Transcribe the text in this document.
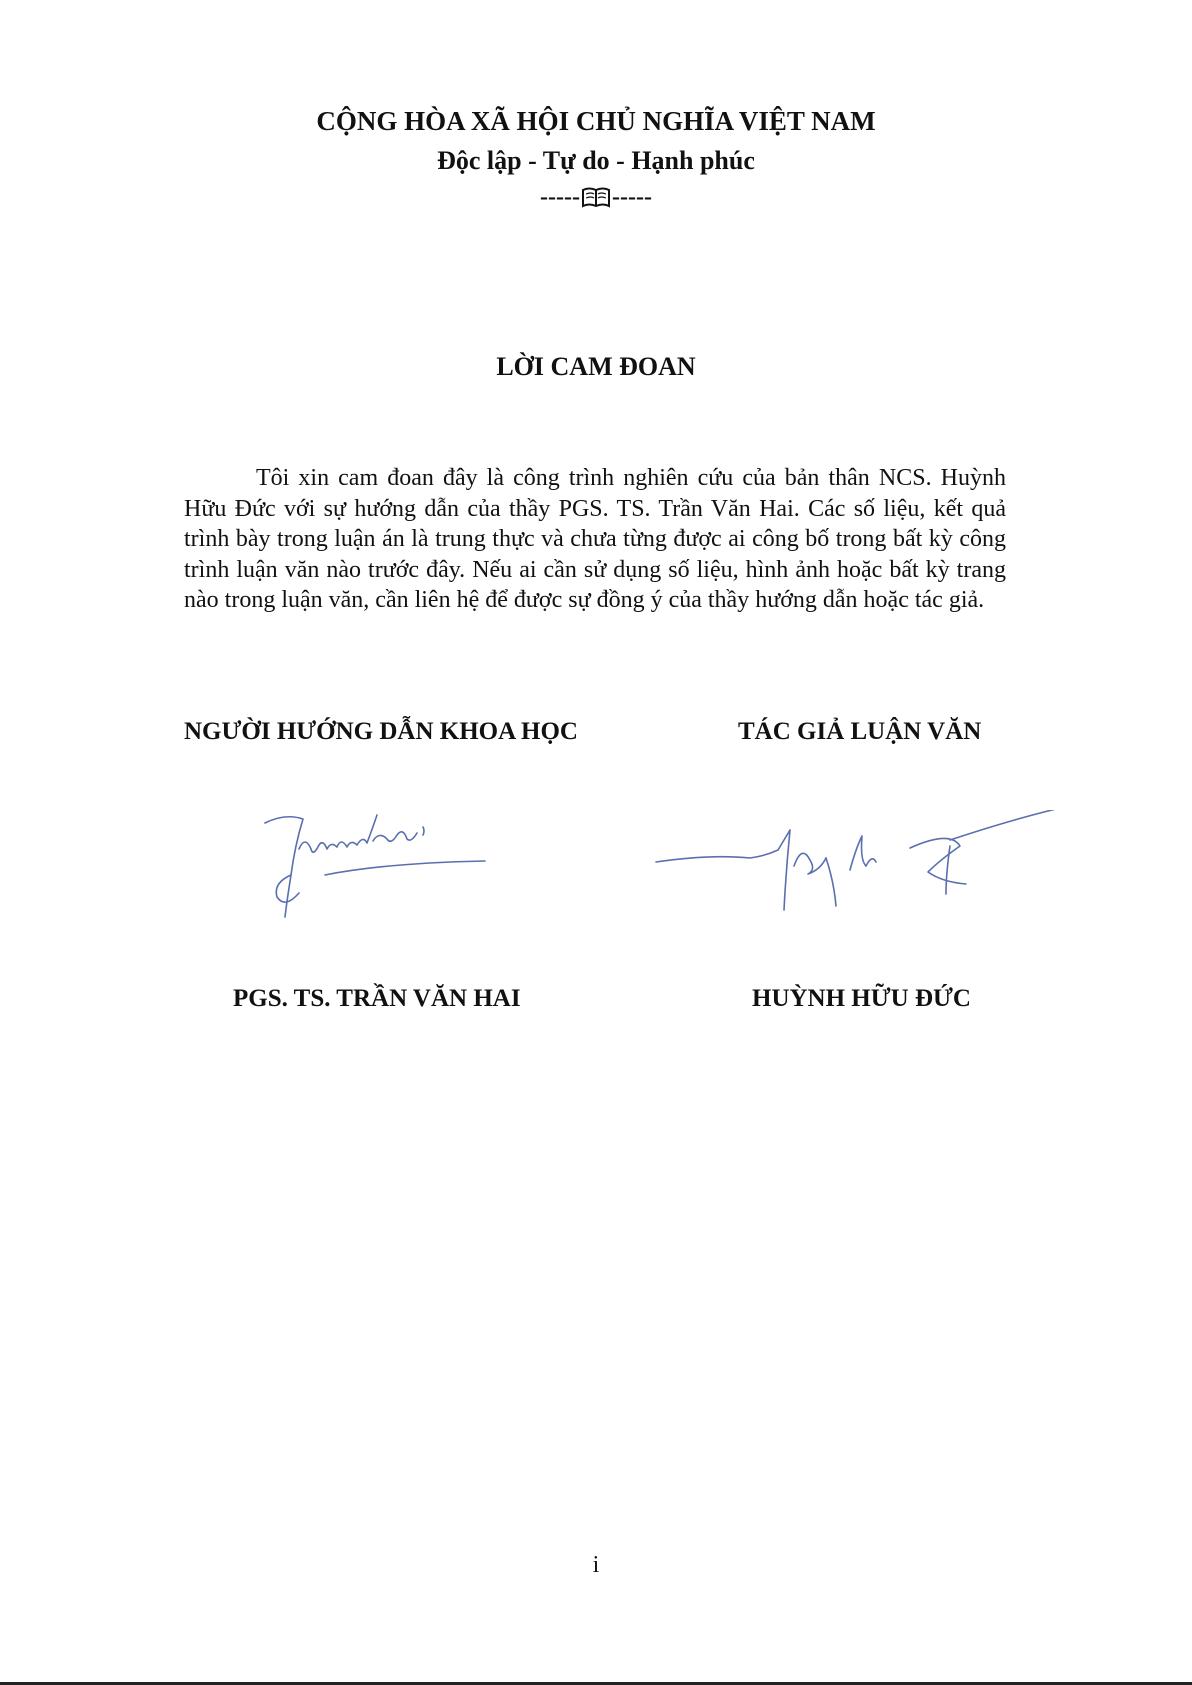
CỘNG HÒA XÃ HỘI CHỦ NGHĨA VIỆT NAM
Độc lập - Tự do - Hạnh phúc
----- -----
LỜI CAM ĐOAN
Tôi xin cam đoan đây là công trình nghiên cứu của bản thân NCS. Huỳnh Hữu Đức với sự hướng dẫn của thầy PGS. TS. Trần Văn Hai. Các số liệu, kết quả trình bày trong luận án là trung thực và chưa từng được ai công bố trong bất kỳ công trình luận văn nào trước đây. Nếu ai cần sử dụng số liệu, hình ảnh hoặc bất kỳ trang nào trong luận văn, cần liên hệ để được sự đồng ý của thầy hướng dẫn hoặc tác giả.
NGƯỜI HƯỚNG DẪN KHOA HỌC	TÁC GIẢ LUẬN VĂN
PGS. TS. TRẦN VĂN HAI	HUỲNH HỮU ĐỨC
i
